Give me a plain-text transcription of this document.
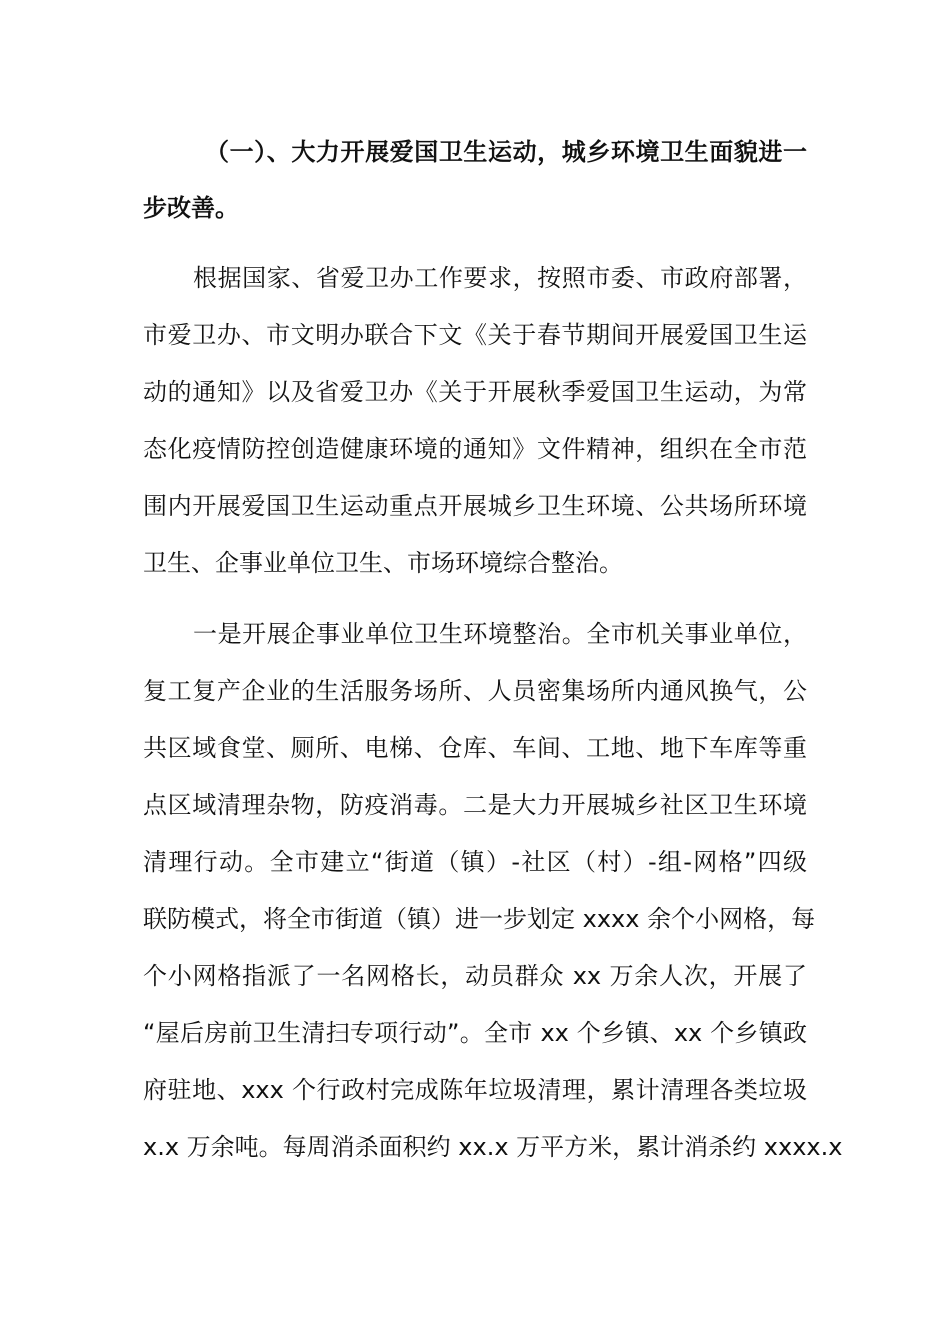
（一）、大力开展爱国卫生运动，城乡环境卫生面貌进一
步改善。
根据国家、省爱卫办工作要求，按照市委、市政府部署，
市爱卫办、市文明办联合下文《关于春节期间开展爱国卫生运
动的通知》以及省爱卫办《关于开展秋季爱国卫生运动，为常
态化疫情防控创造健康环境的通知》文件精神，组织在全市范
围内开展爱国卫生运动重点开展城乡卫生环境、公共场所环境
卫生、企事业单位卫生、市场环境综合整治。
一是开展企事业单位卫生环境整治。全市机关事业单位，
复工复产企业的生活服务场所、人员密集场所内通风换气，公
共区域食堂、厕所、电梯、仓库、车间、工地、地下车库等重
点区域清理杂物，防疫消毒。二是大力开展城乡社区卫生环境
清理行动。全市建立“街道（镇）-社区（村）-组-网格”四级
联防模式，将全市街道（镇）进一步划定 xxxx 余个小网格，每
个小网格指派了一名网格长，动员群众 xx 万余人次，开展了
“屋后房前卫生清扫专项行动”。全市 xx 个乡镇、xx 个乡镇政
府驻地、xxx 个行政村完成陈年垃圾清理，累计清理各类垃圾
x.x 万余吨。每周消杀面积约 xx.x 万平方米，累计消杀约 xxxx.x
